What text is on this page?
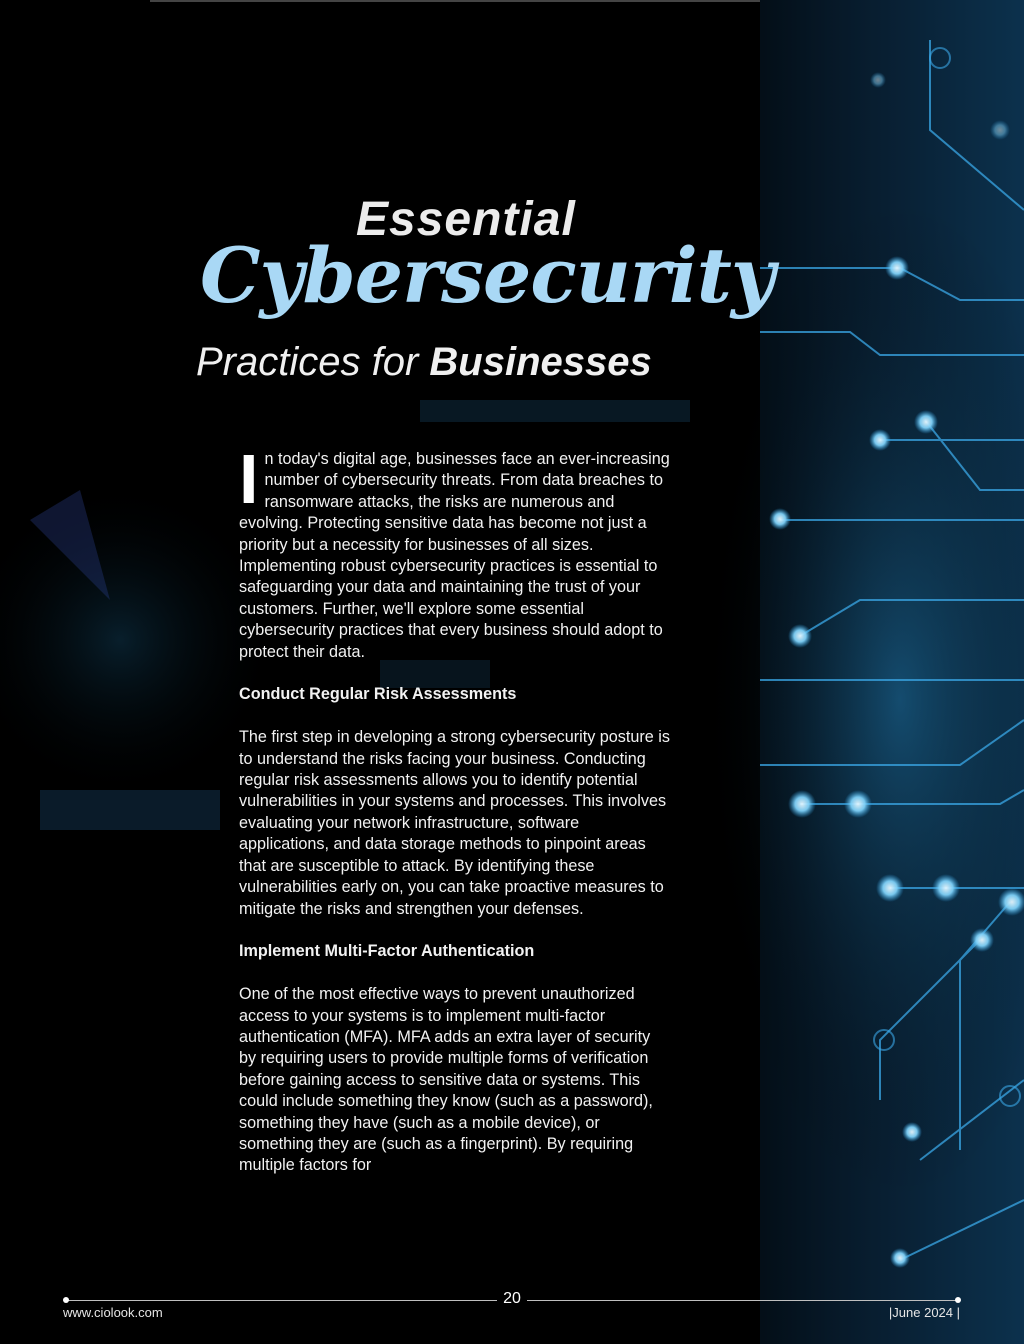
Essential
Cybersecurity
Practices for Businesses

In today's digital age, businesses face an ever-increasing number of cybersecurity threats. From data breaches to ransomware attacks, the risks are numerous and evolving. Protecting sensitive data has become not just a priority but a necessity for businesses of all sizes. Implementing robust cybersecurity practices is essential to safeguarding your data and maintaining the trust of your customers. Further, we'll explore some essential cybersecurity practices that every business should adopt to protect their data.

Conduct Regular Risk Assessments

The first step in developing a strong cybersecurity posture is to understand the risks facing your business. Conducting regular risk assessments allows you to identify potential vulnerabilities in your systems and processes. This involves evaluating your network infrastructure, software applications, and data storage methods to pinpoint areas that are susceptible to attack. By identifying these vulnerabilities early on, you can take proactive measures to mitigate the risks and strengthen your defenses.

Implement Multi-Factor Authentication

One of the most effective ways to prevent unauthorized access to your systems is to implement multi-factor authentication (MFA). MFA adds an extra layer of security by requiring users to provide multiple forms of verification before gaining access to sensitive data or systems. This could include something they know (such as a password), something they have (such as a mobile device), or something they are (such as a fingerprint). By requiring multiple factors for

20
www.ciolook.com	|June 2024 |
